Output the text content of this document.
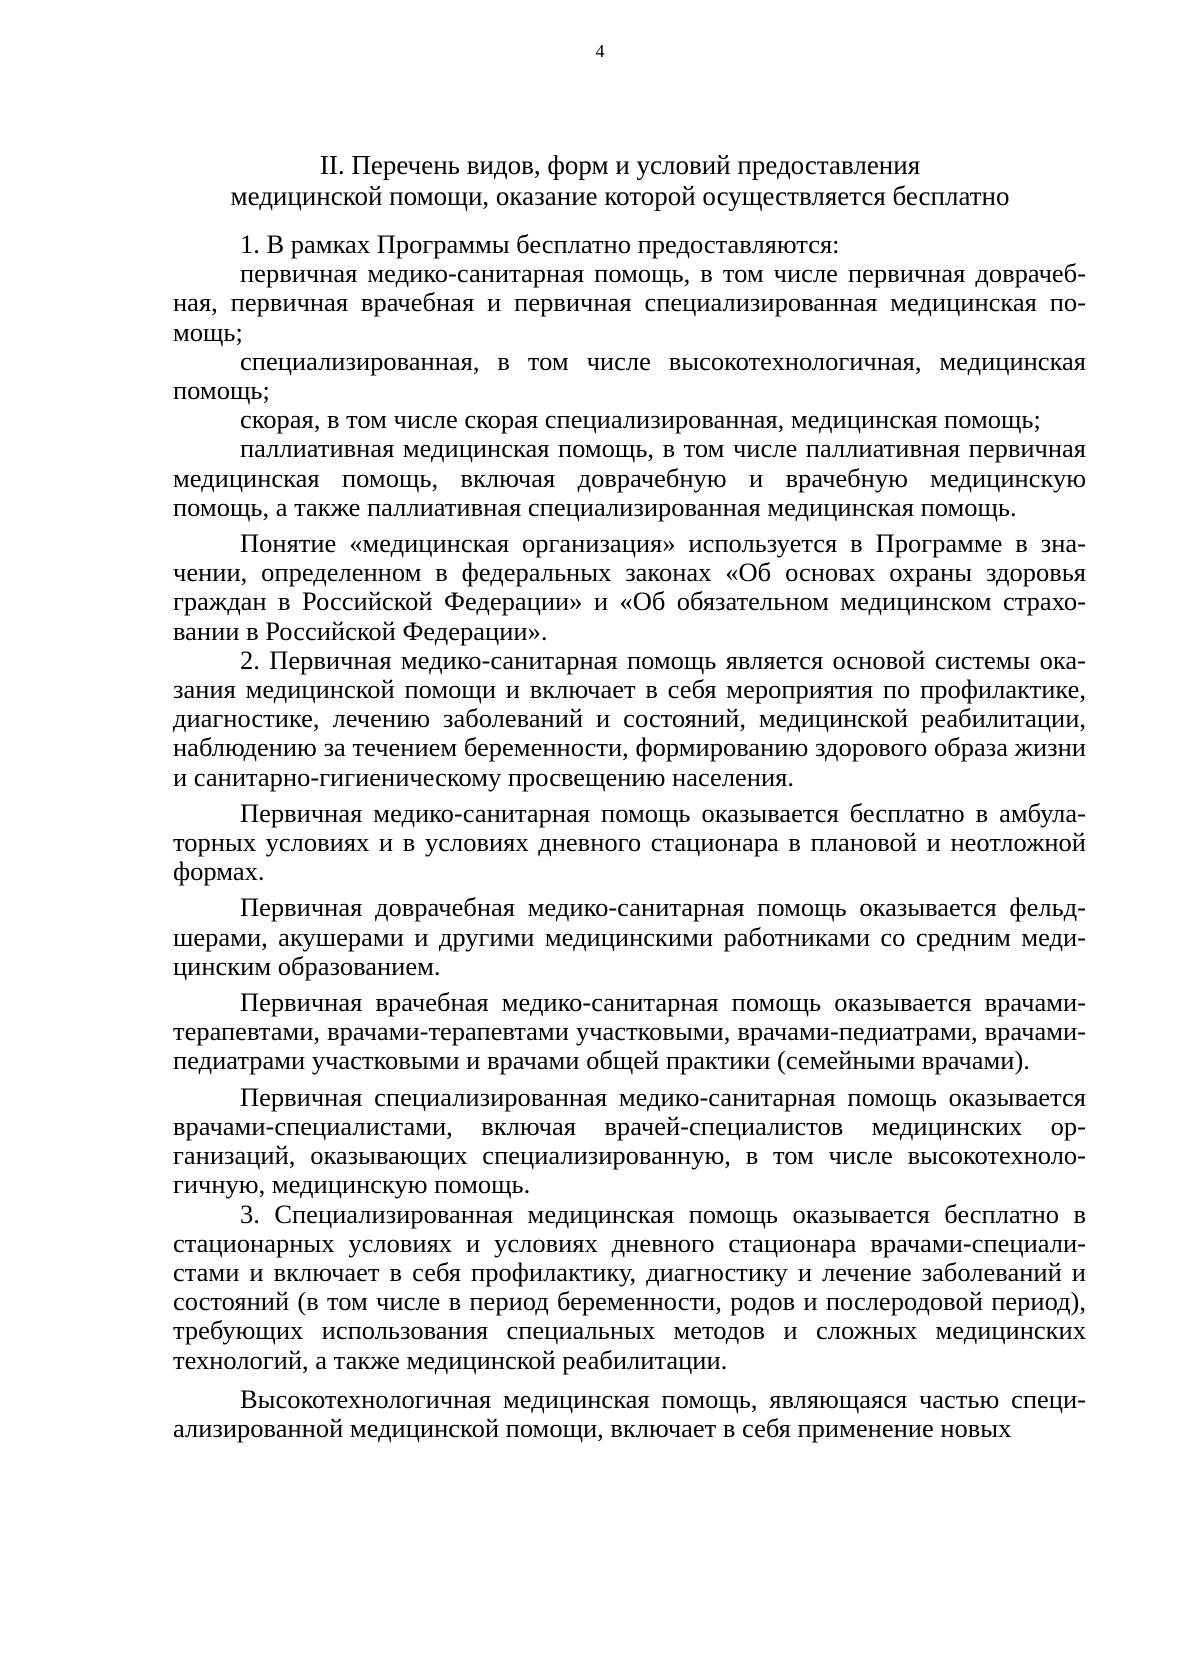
4
II. Перечень видов, форм и условий предоставления
медицинской помощи, оказание которой осуществляется бесплатно

1. В рамках Программы бесплатно предоставляются:

первичная медико-санитарная помощь, в том числе первичная доврачебная, первичная врачебная и первичная специализированная медицинская помощь;

специализированная, в том числе высокотехнологичная, медицинская помощь;

скорая, в том числе скорая специализированная, медицинская помощь;

паллиативная медицинская помощь, в том числе паллиативная первичная медицинская помощь, включая доврачебную и врачебную медицинскую помощь, а также паллиативная специализированная медицинская помощь.

Понятие «медицинская организация» используется в Программе в значении, определенном в федеральных законах «Об основах охраны здоровья граждан в Российской Федерации» и «Об обязательном медицинском страховании в Российской Федерации».

2. Первичная медико-санитарная помощь является основой системы оказания медицинской помощи и включает в себя мероприятия по профилактике, диагностике, лечению заболеваний и состояний, медицинской реабилитации, наблюдению за течением беременности, формированию здорового образа жизни и санитарно-гигиеническому просвещению населения.

Первичная медико-санитарная помощь оказывается бесплатно в амбулаторных условиях и в условиях дневного стационара в плановой и неотложной формах.

Первичная доврачебная медико-санитарная помощь оказывается фельдшерами, акушерами и другими медицинскими работниками со средним медицинским образованием.

Первичная врачебная медико-санитарная помощь оказывается врачами-терапевтами, врачами-терапевтами участковыми, врачами-педиатрами, врачами-педиатрами участковыми и врачами общей практики (семейными врачами).

Первичная специализированная медико-санитарная помощь оказывается врачами-специалистами, включая врачей-специалистов медицинских организаций, оказывающих специализированную, в том числе высокотехнологичную, медицинскую помощь.

3. Специализированная медицинская помощь оказывается бесплатно в стационарных условиях и условиях дневного стационара врачами-специалистами и включает в себя профилактику, диагностику и лечение заболеваний и состояний (в том числе в период беременности, родов и послеродовой период), требующих использования специальных методов и сложных медицинских технологий, а также медицинской реабилитации.

Высокотехнологичная медицинская помощь, являющаяся частью специализированной медицинской помощи, включает в себя применение новых
